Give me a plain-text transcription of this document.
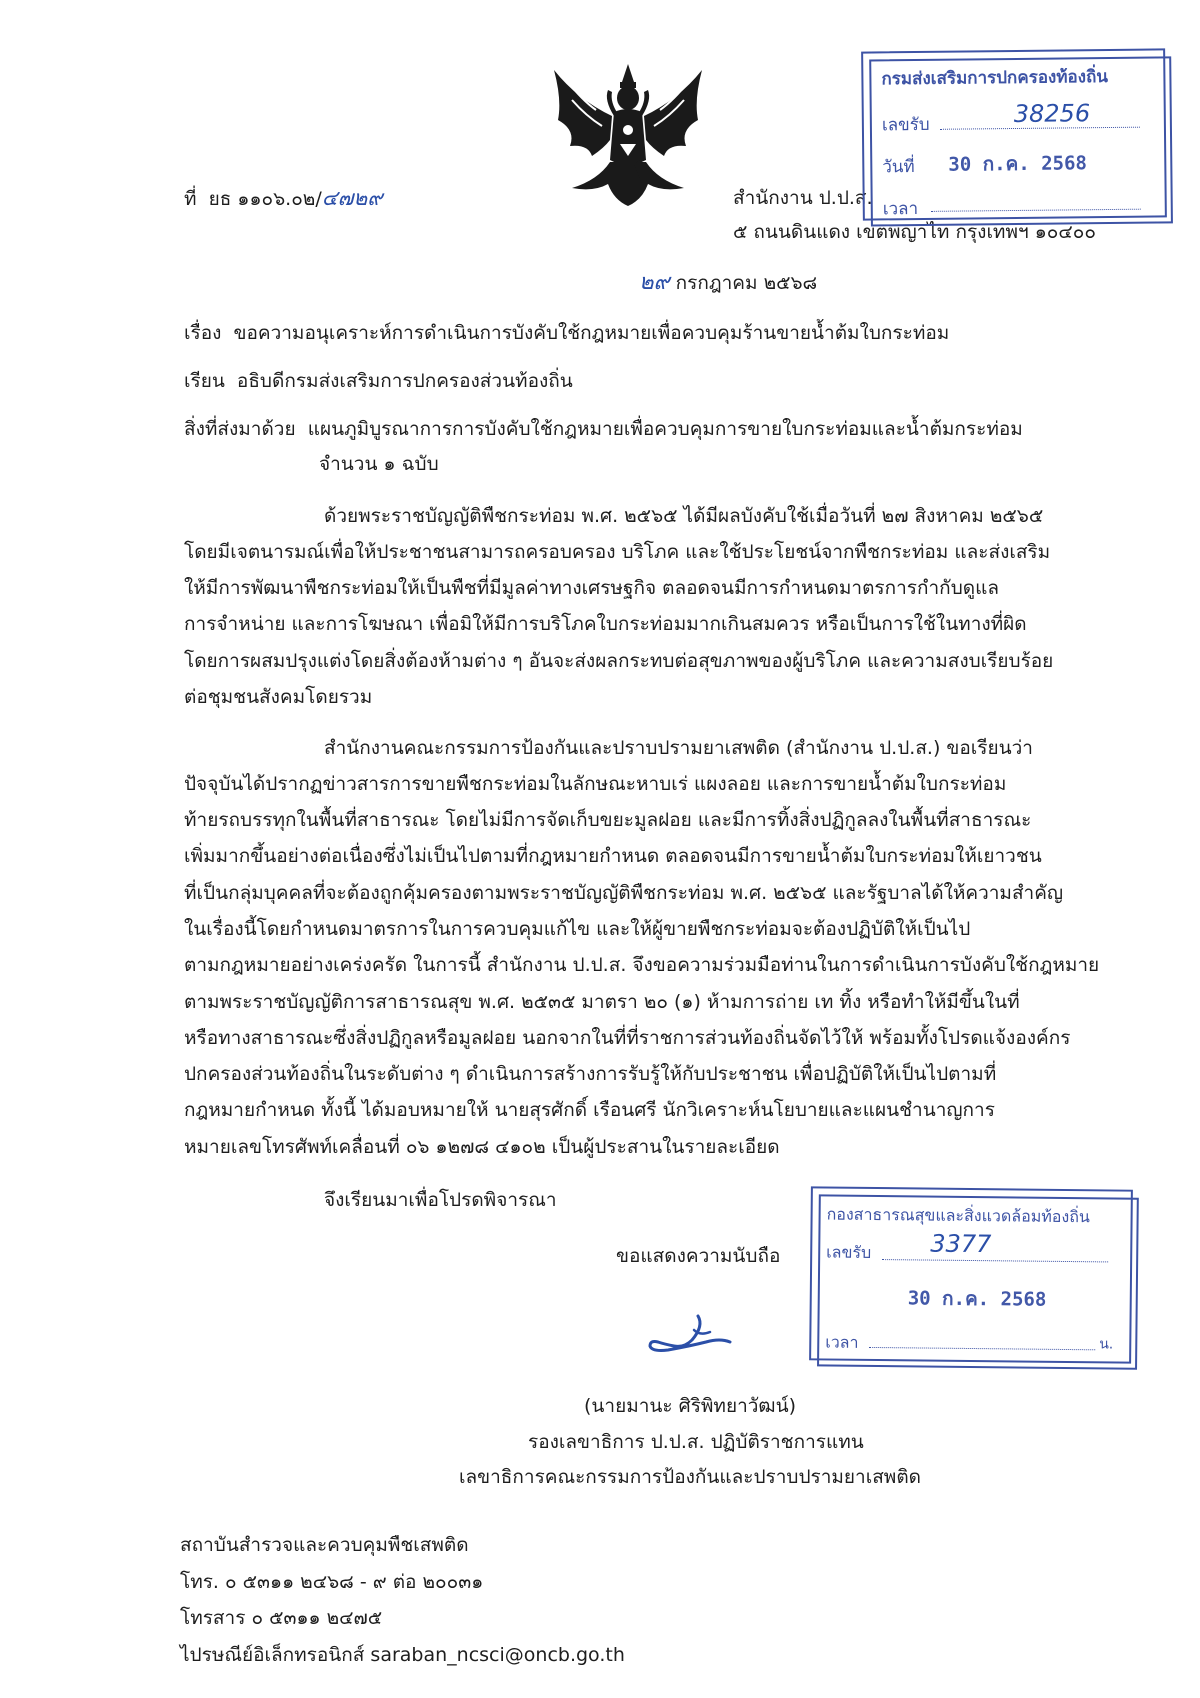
ที่ ยธ ๑๑๐๖.๐๒/๔๗๒๙	สำนักงาน ป.ป.ส.
๕ ถนนดินแดง เขตพญาไท กรุงเทพฯ ๑๐๔๐๐
๒๙ กรกฎาคม ๒๕๖๘
กรมส่งเสริมการปกครองท้องถิ่น
เลขรับ	38256
วันที่ 30 ก.ค. 2568
เวลา
เรื่อง ขอความอนุเคราะห์การดำเนินการบังคับใช้กฎหมายเพื่อควบคุมร้านขายน้ำต้มใบกระท่อม
เรียน อธิบดีกรมส่งเสริมการปกครองส่วนท้องถิ่น
สิ่งที่ส่งมาด้วย แผนภูมิบูรณาการการบังคับใช้กฎหมายเพื่อควบคุมการขายใบกระท่อมและน้ำต้มกระท่อม
จำนวน ๑ ฉบับ
ด้วยพระราชบัญญัติพืชกระท่อม พ.ศ. ๒๕๖๕ ได้มีผลบังคับใช้เมื่อวันที่ ๒๗ สิงหาคม ๒๕๖๕
โดยมีเจตนารมณ์เพื่อให้ประชาชนสามารถครอบครอง บริโภค และใช้ประโยชน์จากพืชกระท่อม และส่งเสริม
ให้มีการพัฒนาพืชกระท่อมให้เป็นพืชที่มีมูลค่าทางเศรษฐกิจ ตลอดจนมีการกำหนดมาตรการกำกับดูแล
การจำหน่าย และการโฆษณา เพื่อมิให้มีการบริโภคใบกระท่อมมากเกินสมควร หรือเป็นการใช้ในทางที่ผิด
โดยการผสมปรุงแต่งโดยสิ่งต้องห้ามต่าง ๆ อันจะส่งผลกระทบต่อสุขภาพของผู้บริโภค และความสงบเรียบร้อย
ต่อชุมชนสังคมโดยรวม
สำนักงานคณะกรรมการป้องกันและปราบปรามยาเสพติด (สำนักงาน ป.ป.ส.) ขอเรียนว่า
ปัจจุบันได้ปรากฏข่าวสารการขายพืชกระท่อมในลักษณะหาบเร่ แผงลอย และการขายน้ำต้มใบกระท่อม
ท้ายรถบรรทุกในพื้นที่สาธารณะ โดยไม่มีการจัดเก็บขยะมูลฝอย และมีการทิ้งสิ่งปฏิกูลลงในพื้นที่สาธารณะ
เพิ่มมากขึ้นอย่างต่อเนื่องซึ่งไม่เป็นไปตามที่กฎหมายกำหนด ตลอดจนมีการขายน้ำต้มใบกระท่อมให้เยาวชน
ที่เป็นกลุ่มบุคคลที่จะต้องถูกคุ้มครองตามพระราชบัญญัติพืชกระท่อม พ.ศ. ๒๕๖๕ และรัฐบาลได้ให้ความสำคัญ
ในเรื่องนี้โดยกำหนดมาตรการในการควบคุมแก้ไข และให้ผู้ขายพืชกระท่อมจะต้องปฏิบัติให้เป็นไป
ตามกฎหมายอย่างเคร่งครัด ในการนี้ สำนักงาน ป.ป.ส. จึงขอความร่วมมือท่านในการดำเนินการบังคับใช้กฎหมาย
ตามพระราชบัญญัติการสาธารณสุข พ.ศ. ๒๕๓๕ มาตรา ๒๐ (๑) ห้ามการถ่าย เท ทิ้ง หรือทำให้มีขึ้นในที่
หรือทางสาธารณะซึ่งสิ่งปฏิกูลหรือมูลฝอย นอกจากในที่ที่ราชการส่วนท้องถิ่นจัดไว้ให้ พร้อมทั้งโปรดแจ้งองค์กร
ปกครองส่วนท้องถิ่นในระดับต่าง ๆ ดำเนินการสร้างการรับรู้ให้กับประชาชน เพื่อปฏิบัติให้เป็นไปตามที่
กฎหมายกำหนด ทั้งนี้ ได้มอบหมายให้ นายสุรศักดิ์ เรือนศรี นักวิเคราะห์นโยบายและแผนชำนาญการ
หมายเลขโทรศัพท์เคลื่อนที่ ๐๖ ๑๒๗๘ ๔๑๐๒ เป็นผู้ประสานในรายละเอียด
จึงเรียนมาเพื่อโปรดพิจารณา
ขอแสดงความนับถือ
กองสาธารณสุขและสิ่งแวดล้อมท้องถิ่น
เลขรับ 3377
30 ก.ค. 2568
เวลา	น.
(นายมานะ ศิริพิทยาวัฒน์)
รองเลขาธิการ ป.ป.ส. ปฏิบัติราชการแทน
เลขาธิการคณะกรรมการป้องกันและปราบปรามยาเสพติด
สถาบันสำรวจและควบคุมพืชเสพติด
โทร. ๐ ๕๓๑๑ ๒๔๖๘ - ๙ ต่อ ๒๐๐๓๑
โทรสาร ๐ ๕๓๑๑ ๒๔๗๕
ไปรษณีย์อิเล็กทรอนิกส์ saraban_ncsci@oncb.go.th
